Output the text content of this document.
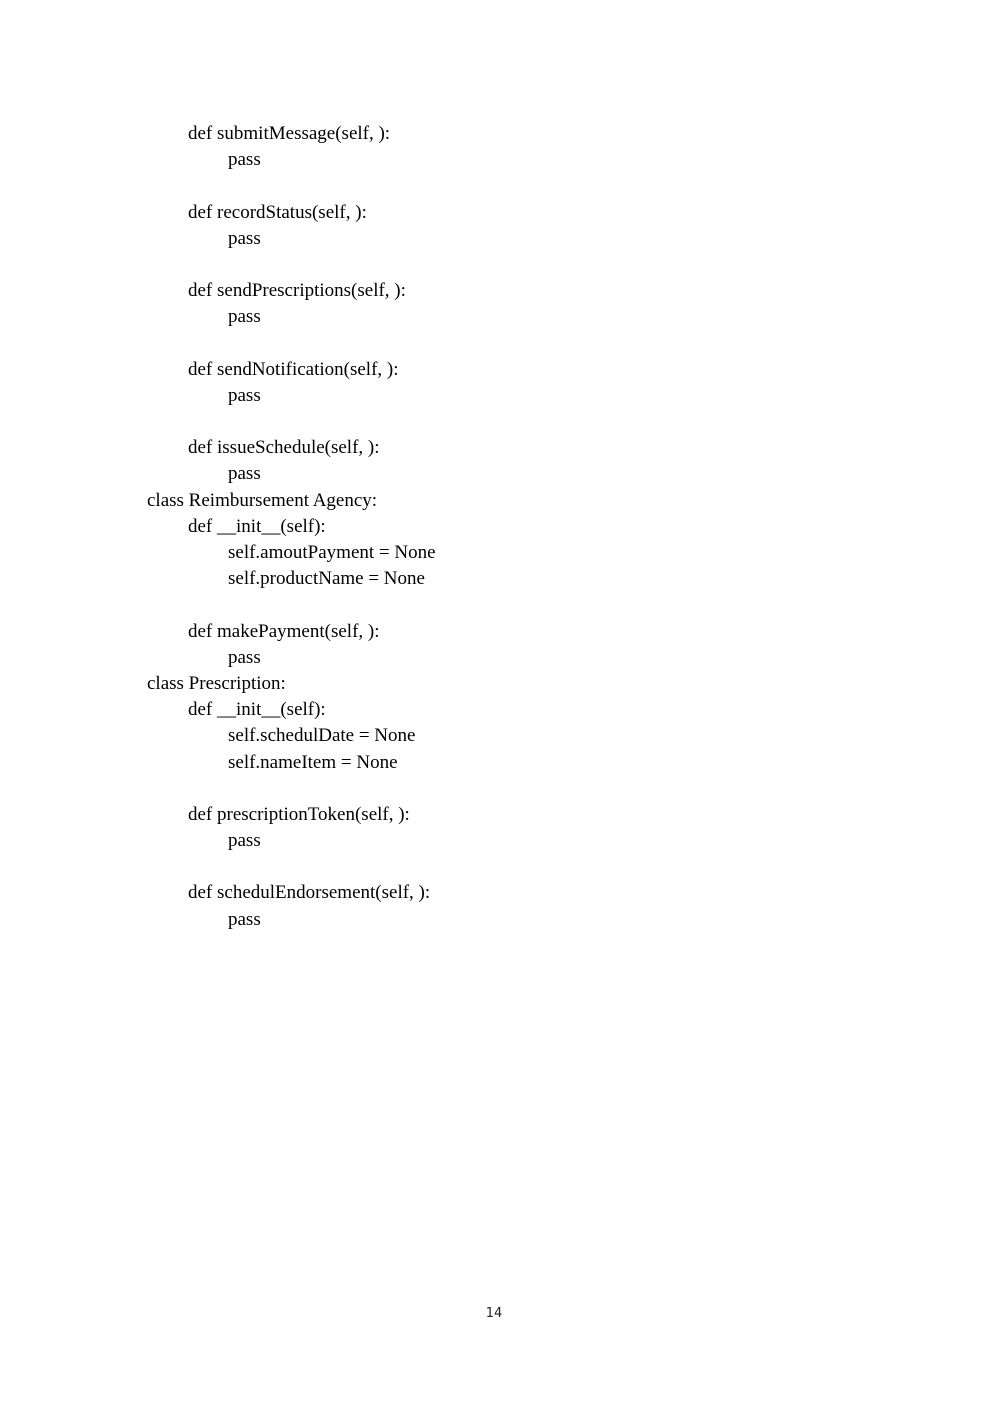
def submitMessage(self, ):
pass
def recordStatus(self, ):
pass
def sendPrescriptions(self, ):
pass
def sendNotification(self, ):
pass
def issueSchedule(self, ):
pass
class Reimbursement Agency:
def __init__(self):
self.amoutPayment = None
self.productName = None
def makePayment(self, ):
pass
class Prescription:
def __init__(self):
self.schedulDate = None
self.nameItem = None
def prescriptionToken(self, ):
pass
def schedulEndorsement(self, ):
pass
14
